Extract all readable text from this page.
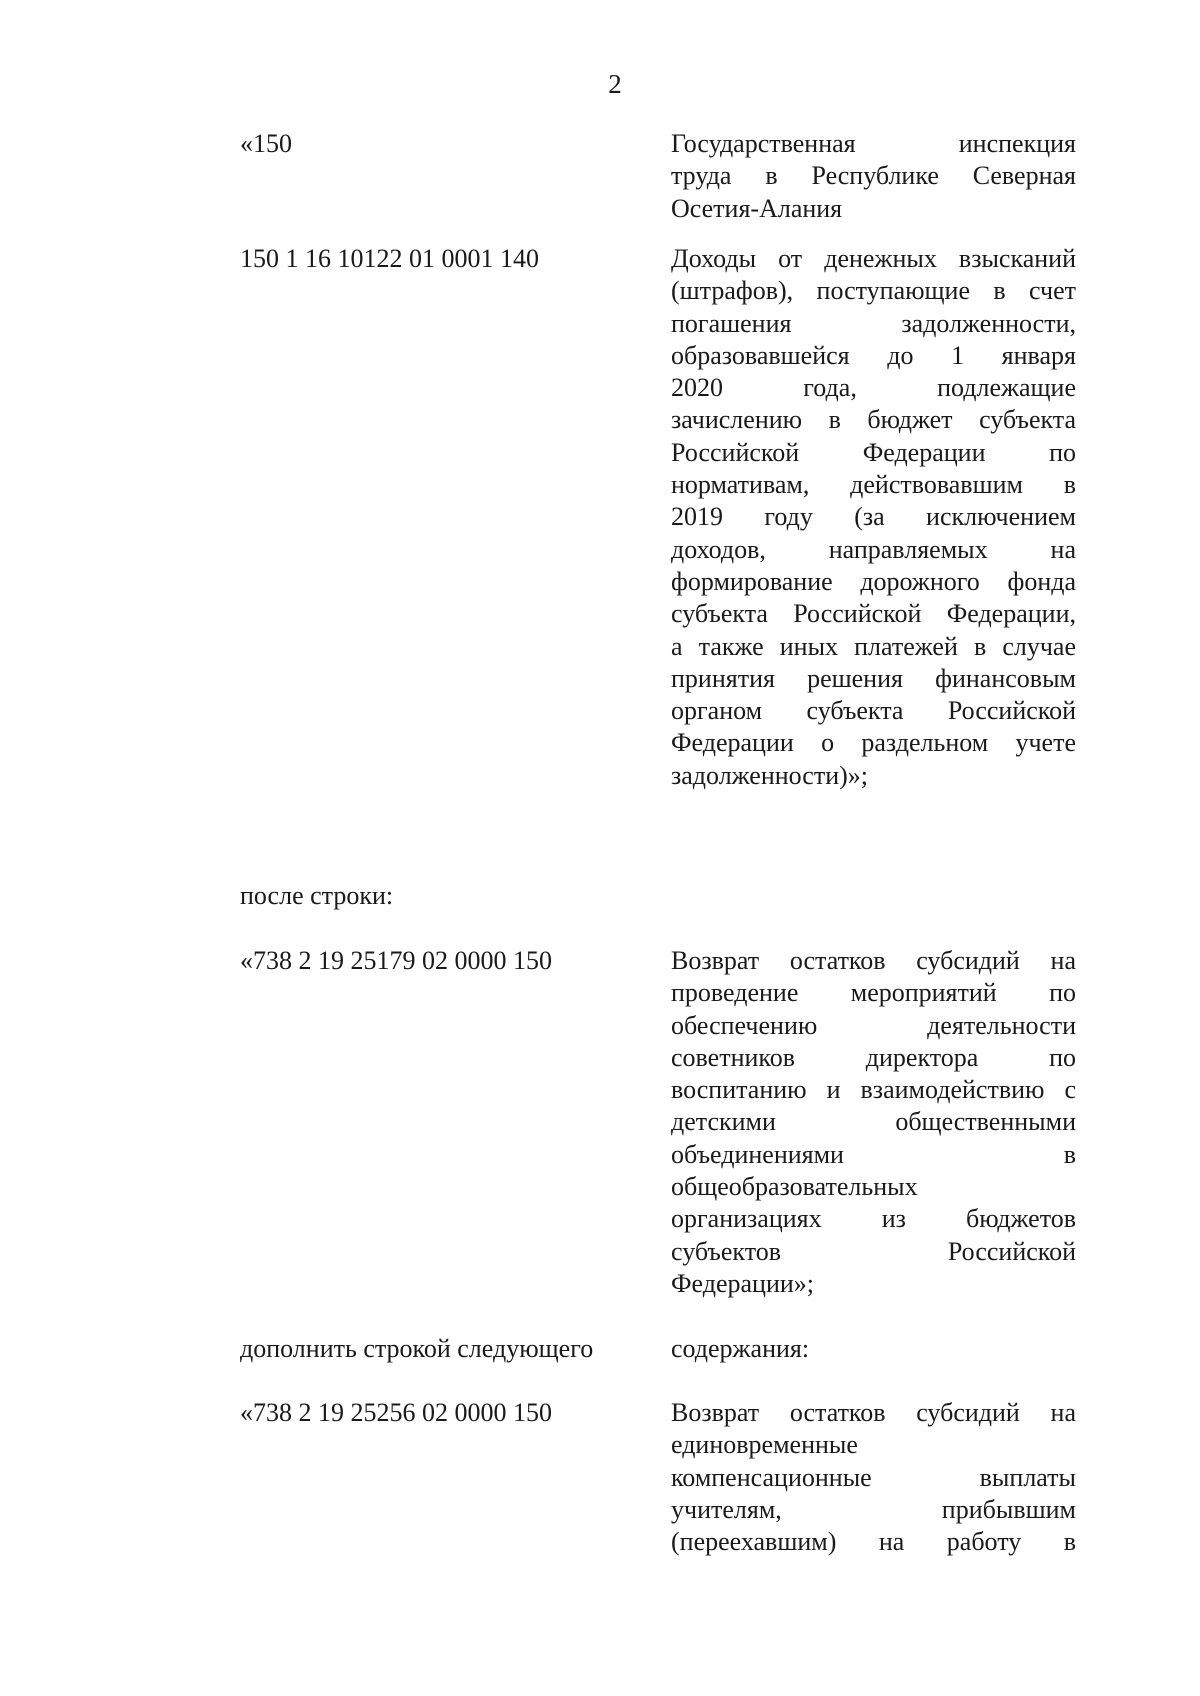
2
«150	Государственная инспекция
труда в Республике Северная
Осетия-Алания
150 1 16 10122 01 0001 140	Доходы от денежных взысканий
(штрафов), поступающие в счет
погашения задолженности,
образовавшейся до 1 января
2020 года, подлежащие
зачислению в бюджет субъекта
Российской Федерации по
нормативам, действовавшим в
2019 году (за исключением
доходов, направляемых на
формирование дорожного фонда
субъекта Российской Федерации,
а также иных платежей в случае
принятия решения финансовым
органом субъекта Российской
Федерации о раздельном учете
задолженности)»;
после строки:
«738 2 19 25179 02 0000 150	Возврат остатков субсидий на
проведение мероприятий по
обеспечению деятельности
советников директора по
воспитанию и взаимодействию с
детскими общественными
объединениями в
общеобразовательных
организациях из бюджетов
субъектов Российской
Федерации»;
дополнить строкой следующего	содержания:
«738 2 19 25256 02 0000 150	Возврат остатков субсидий на
единовременные
компенсационные выплаты
учителям, прибывшим
(переехавшим) на работу в
